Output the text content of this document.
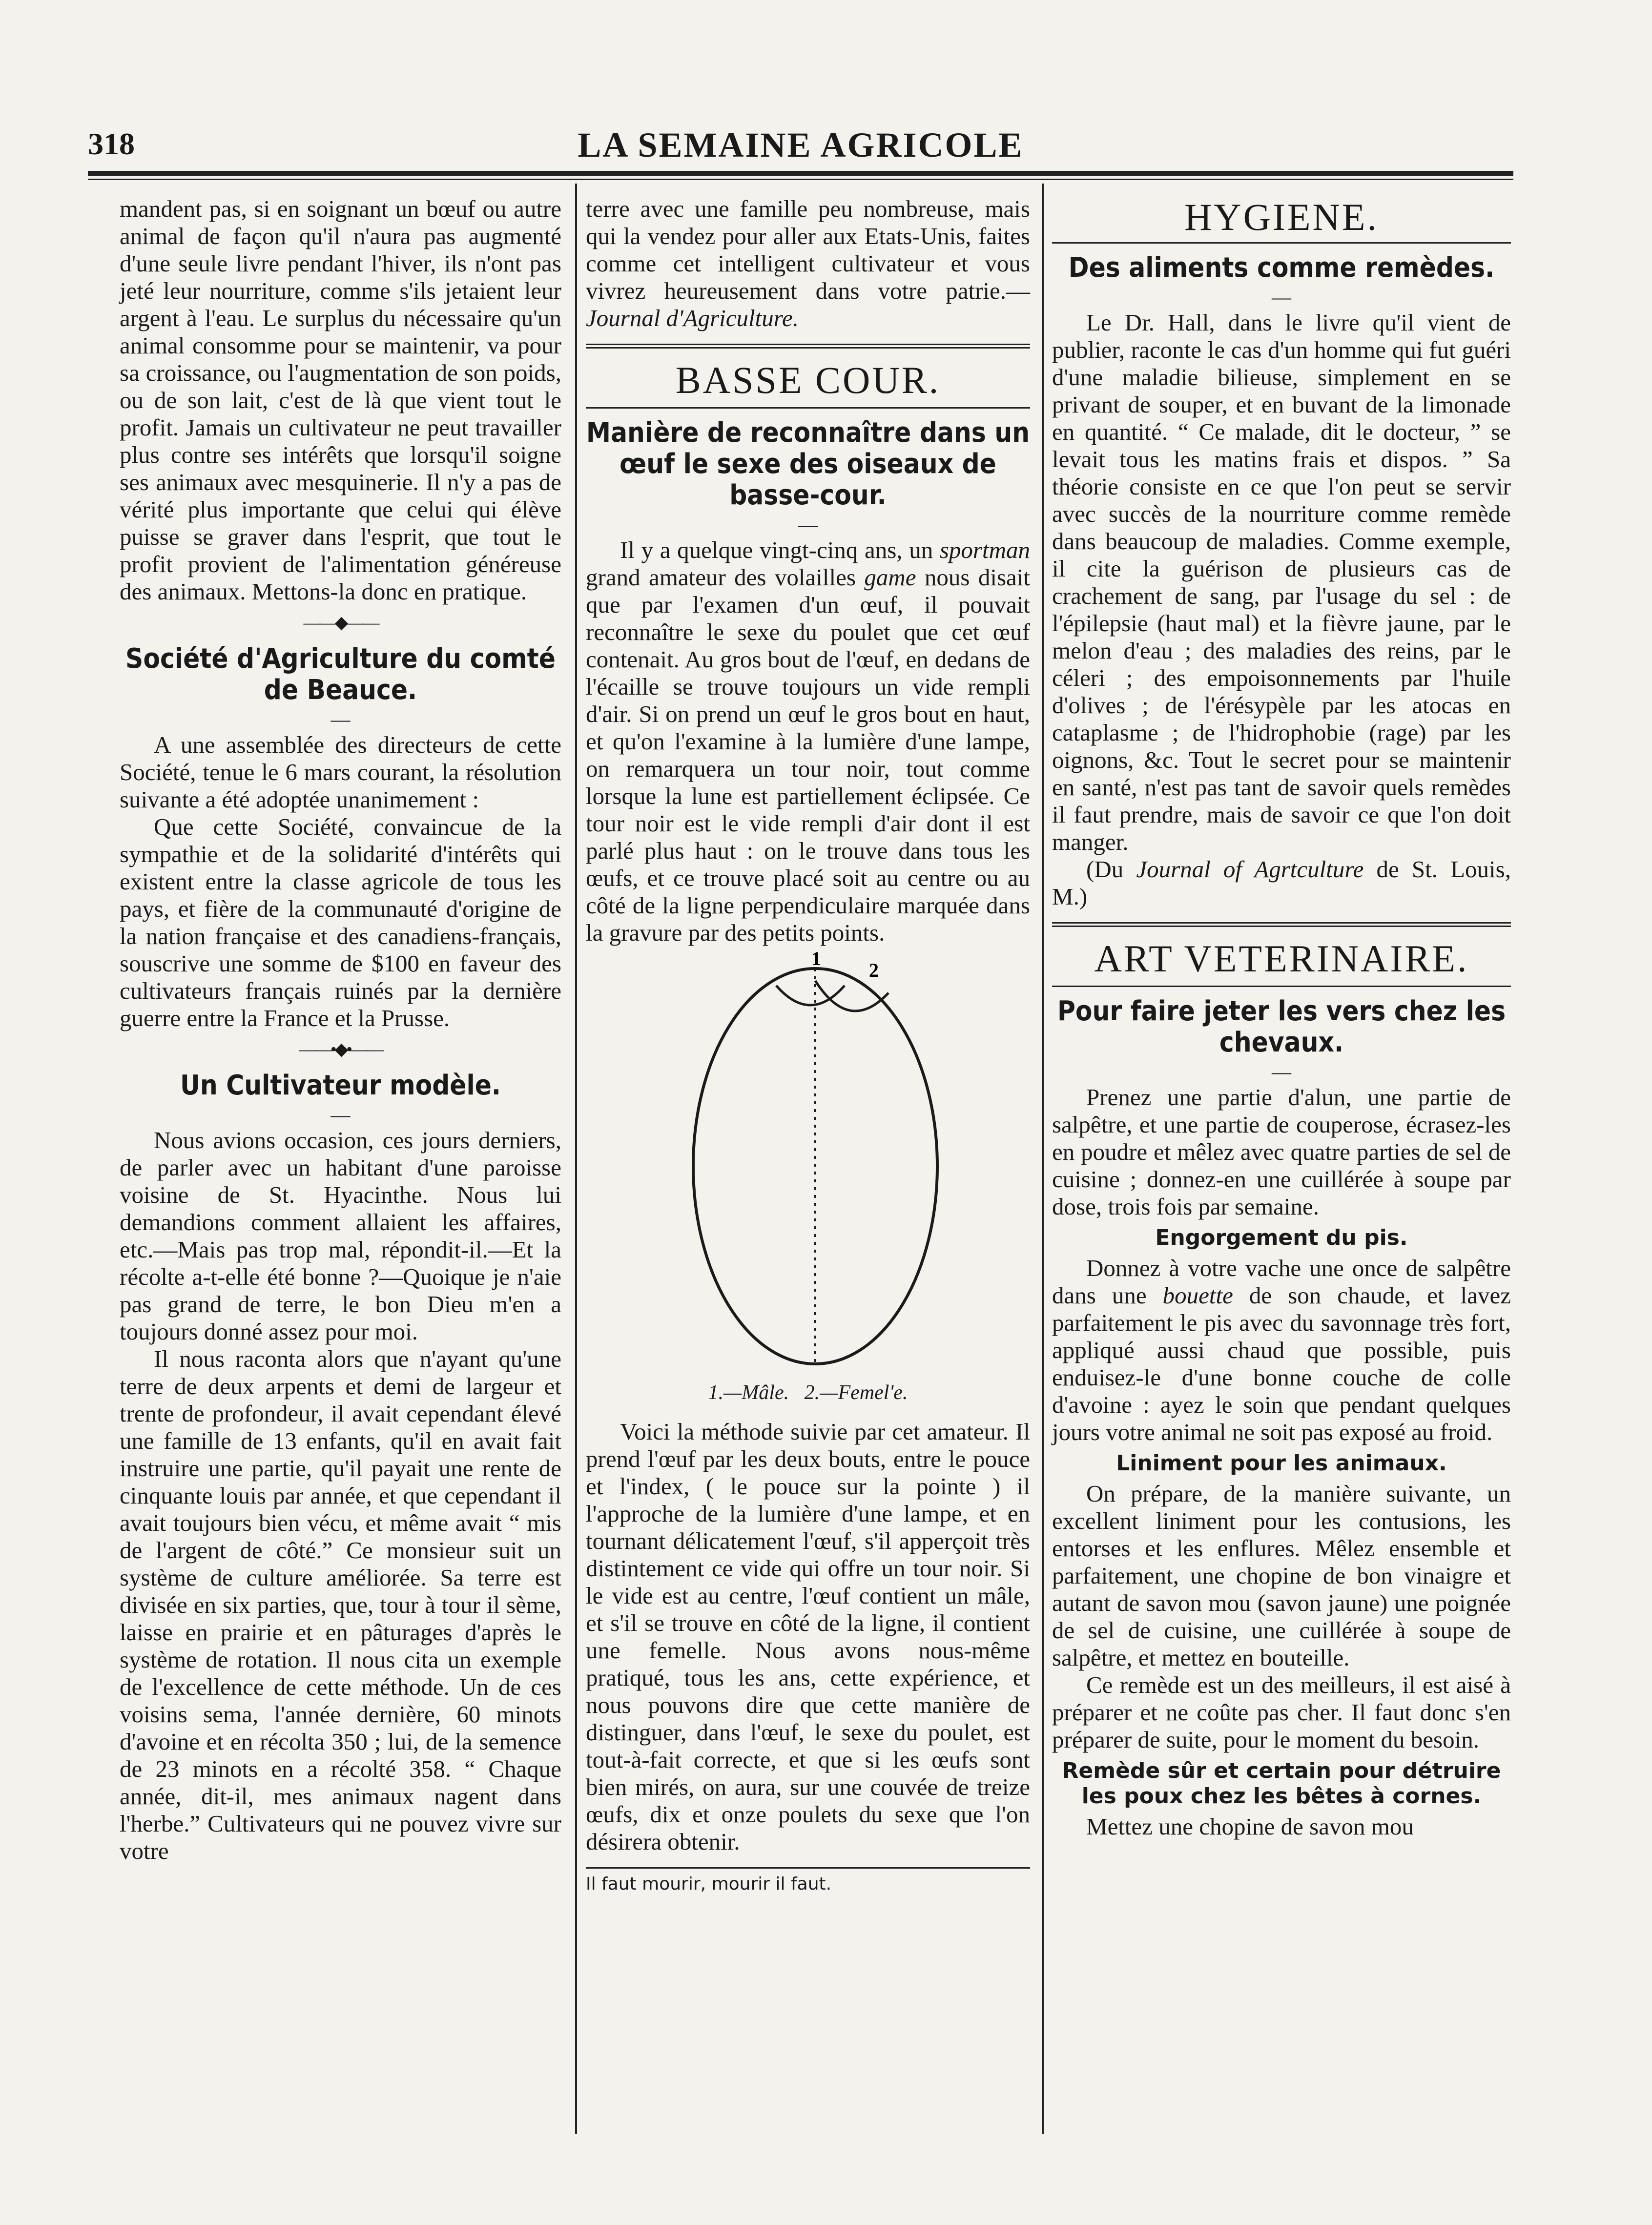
318	LA SEMAINE AGRICOLE

mandent pas, si en soignant un bœuf ou autre animal de façon qu'il n'aura pas augmenté d'une seule livre pendant l'hiver, ils n'ont pas jeté leur nourriture, comme s'ils jetaient leur argent à l'eau. Le surplus du nécessaire qu'un animal consomme pour se maintenir, va pour sa croissance, ou l'augmentation de son poids, ou de son lait, c'est de là que vient tout le profit. Jamais un cultivateur ne peut travailler plus contre ses intérêts que lorsqu'il soigne ses animaux avec mesquinerie. Il n'y a pas de vérité plus importante que celui qui élève puisse se graver dans l'esprit, que tout le profit provient de l'alimentation généreuse des animaux. Mettons-la donc en pratique.

——◆——
Société d'Agriculture du comté de Beauce.
—

A une assemblée des directeurs de cette Société, tenue le 6 mars courant, la résolution suivante a été adoptée unanimement :

Que cette Société, convaincue de la sympathie et de la solidarité d'intérêts qui existent entre la classe agricole de tous les pays, et fière de la communauté d'origine de la nation française et des canadiens-français, souscrive une somme de $100 en faveur des cultivateurs français ruinés par la dernière guerre entre la France et la Prusse.

——•◆•——
Un Cultivateur modèle.
—

Nous avions occasion, ces jours derniers, de parler avec un habitant d'une paroisse voisine de St. Hyacinthe. Nous lui demandions comment allaient les affaires, etc.—Mais pas trop mal, répondit-il.—Et la récolte a-t-elle été bonne ?—Quoique je n'aie pas grand de terre, le bon Dieu m'en a toujours donné assez pour moi.

Il nous raconta alors que n'ayant qu'une terre de deux arpents et demi de largeur et trente de profondeur, il avait cependant élevé une famille de 13 enfants, qu'il en avait fait instruire une partie, qu'il payait une rente de cinquante louis par année, et que cependant il avait toujours bien vécu, et même avait “ mis de l'argent de côté.” Ce monsieur suit un système de culture améliorée. Sa terre est divisée en six parties, que, tour à tour il sème, laisse en prairie et en pâturages d'après le système de rotation. Il nous cita un exemple de l'excellence de cette méthode. Un de ces voisins sema, l'année dernière, 60 minots d'avoine et en récolta 350 ; lui, de la semence de 23 minots en a récolté 358. “ Chaque année, dit-il, mes animaux nagent dans l'herbe.” Cultivateurs qui ne pouvez vivre sur votre

terre avec une famille peu nombreuse, mais qui la vendez pour aller aux Etats-Unis, faites comme cet intelligent cultivateur et vous vivrez heureusement dans votre patrie.—Journal d'Agriculture.

BASSE COUR.
Manière de reconnaître dans un œuf le sexe des oiseaux de basse-cour.
—

Il y a quelque vingt-cinq ans, un sportman grand amateur des volailles game nous disait que par l'examen d'un œuf, il pouvait reconnaître le sexe du poulet que cet œuf contenait. Au gros bout de l'œuf, en dedans de l'écaille se trouve toujours un vide rempli d'air. Si on prend un œuf le gros bout en haut, et qu'on l'examine à la lumière d'une lampe, on remarquera un tour noir, tout comme lorsque la lune est partiellement éclipsée. Ce tour noir est le vide rempli d'air dont il est parlé plus haut : on le trouve dans tous les œufs, et ce trouve placé soit au centre ou au côté de la ligne perpendiculaire marquée dans la gravure par des petits points.

1
2
1.—Mâle. 2.—Femel'e.

Voici la méthode suivie par cet amateur. Il prend l'œuf par les deux bouts, entre le pouce et l'index, ( le pouce sur la pointe ) il l'approche de la lumière d'une lampe, et en tournant délicatement l'œuf, s'il apperçoit très distintement ce vide qui offre un tour noir. Si le vide est au centre, l'œuf contient un mâle, et s'il se trouve en côté de la ligne, il contient une femelle. Nous avons nous-même pratiqué, tous les ans, cette expérience, et nous pouvons dire que cette manière de distinguer, dans l'œuf, le sexe du poulet, est tout-à-fait correcte, et que si les œufs sont bien mirés, on aura, sur une couvée de treize œufs, dix et onze poulets du sexe que l'on désirera obtenir.

Il faut mourir, mourir il faut.

HYGIENE.
Des aliments comme remèdes.
—

Le Dr. Hall, dans le livre qu'il vient de publier, raconte le cas d'un homme qui fut guéri d'une maladie bilieuse, simplement en se privant de souper, et en buvant de la limonade en quantité. “ Ce malade, dit le docteur, ” se levait tous les matins frais et dispos. ” Sa théorie consiste en ce que l'on peut se servir avec succès de la nourriture comme remède dans beaucoup de maladies. Comme exemple, il cite la guérison de plusieurs cas de crachement de sang, par l'usage du sel : de l'épilepsie (haut mal) et la fièvre jaune, par le melon d'eau ; des maladies des reins, par le céleri ; des empoisonnements par l'huile d'olives ; de l'érésypèle par les atocas en cataplasme ; de l'hidrophobie (rage) par les oignons, &c. Tout le secret pour se maintenir en santé, n'est pas tant de savoir quels remèdes il faut prendre, mais de savoir ce que l'on doit manger.

(Du Journal of Agrtculture de St. Louis, M.)

ART VETERINAIRE.
Pour faire jeter les vers chez les chevaux.
—

Prenez une partie d'alun, une partie de salpêtre, et une partie de couperose, écrasez-les en poudre et mêlez avec quatre parties de sel de cuisine ; donnez-en une cuillérée à soupe par dose, trois fois par semaine.

Engorgement du pis.

Donnez à votre vache une once de salpêtre dans une bouette de son chaude, et lavez parfaitement le pis avec du savonnage très fort, appliqué aussi chaud que possible, puis enduisez-le d'une bonne couche de colle d'avoine : ayez le soin que pendant quelques jours votre animal ne soit pas exposé au froid.

Liniment pour les animaux.

On prépare, de la manière suivante, un excellent liniment pour les contusions, les entorses et les enflures. Mêlez ensemble et parfaitement, une chopine de bon vinaigre et autant de savon mou (savon jaune) une poignée de sel de cuisine, une cuillérée à soupe de salpêtre, et mettez en bouteille.

Ce remède est un des meilleurs, il est aisé à préparer et ne coûte pas cher. Il faut donc s'en préparer de suite, pour le moment du besoin.

Remède sûr et certain pour détruire les poux chez les bêtes à cornes.

Mettez une chopine de savon mou
